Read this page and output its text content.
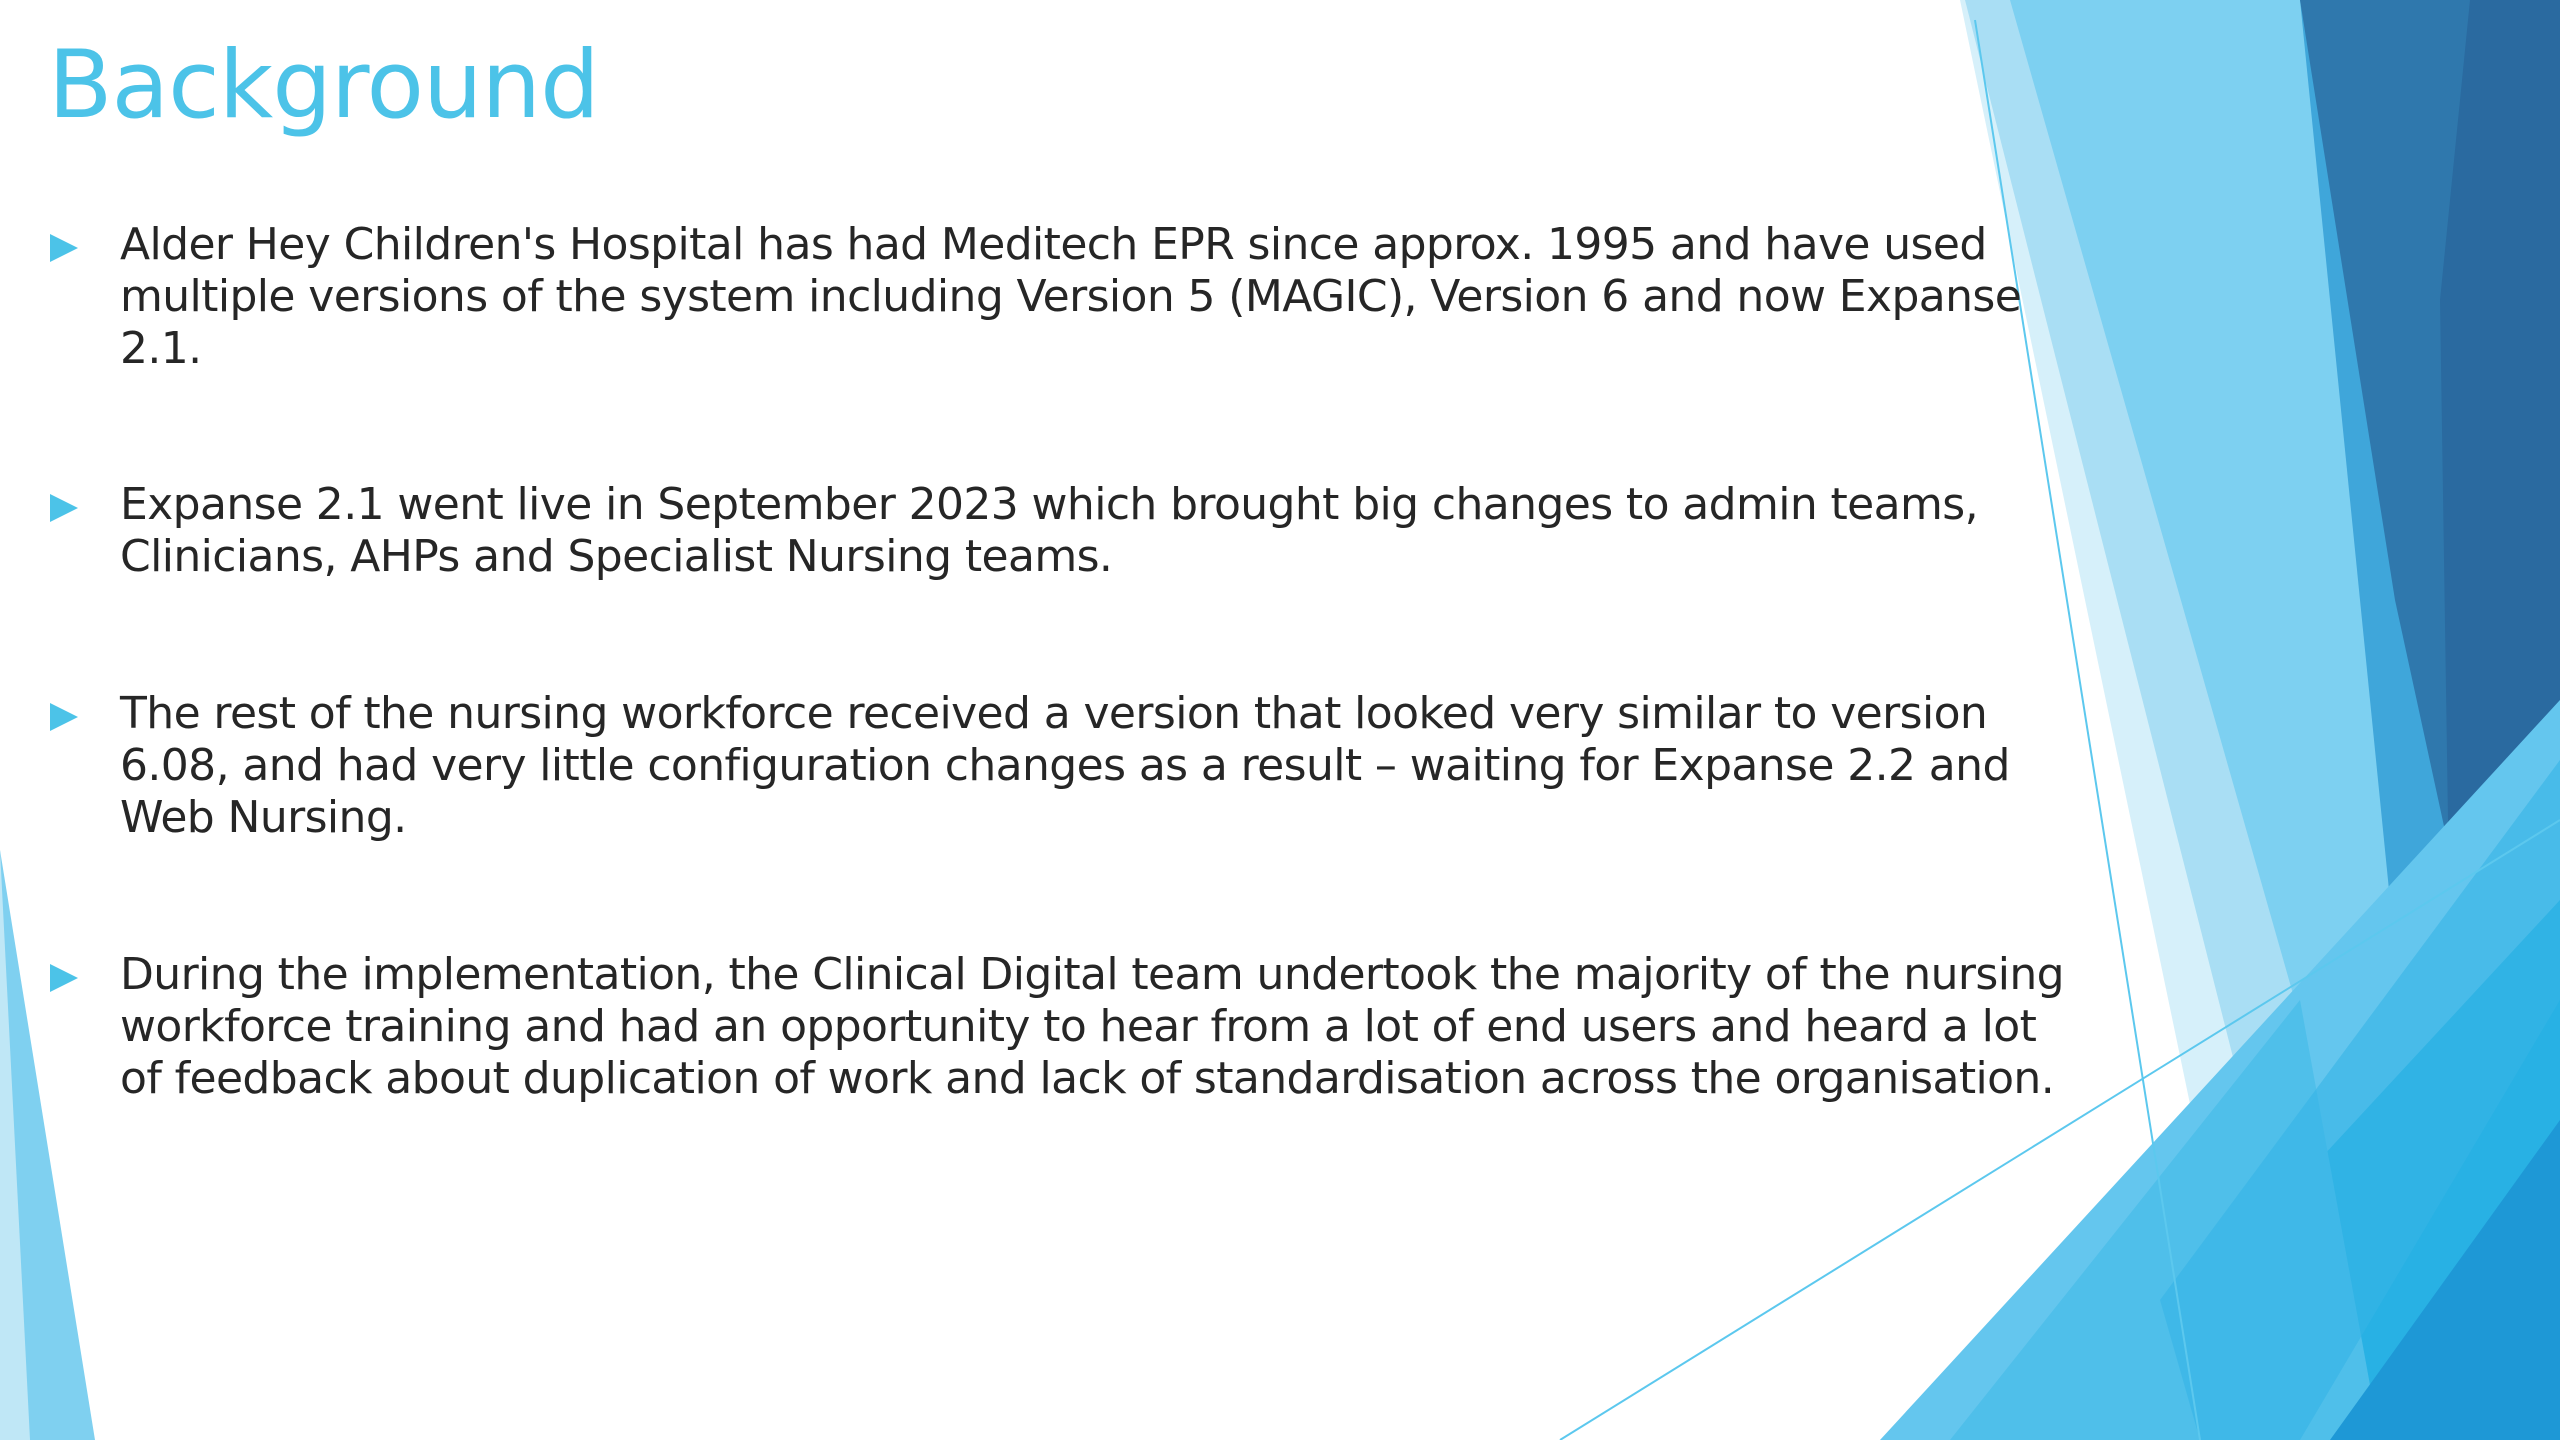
Background
Alder Hey Children's Hospital has had Meditech EPR since approx. 1995 and have used
multiple versions of the system including Version 5 (MAGIC), Version 6 and now Expanse
2.1.
Expanse 2.1 went live in September 2023 which brought big changes to admin teams,
Clinicians, AHPs and Specialist Nursing teams.
The rest of the nursing workforce received a version that looked very similar to version
6.08, and had very little configuration changes as a result – waiting for Expanse 2.2 and
Web Nursing.
During the implementation, the Clinical Digital team undertook the majority of the nursing
workforce training and had an opportunity to hear from a lot of end users and heard a lot
of feedback about duplication of work and lack of standardisation across the organisation.
